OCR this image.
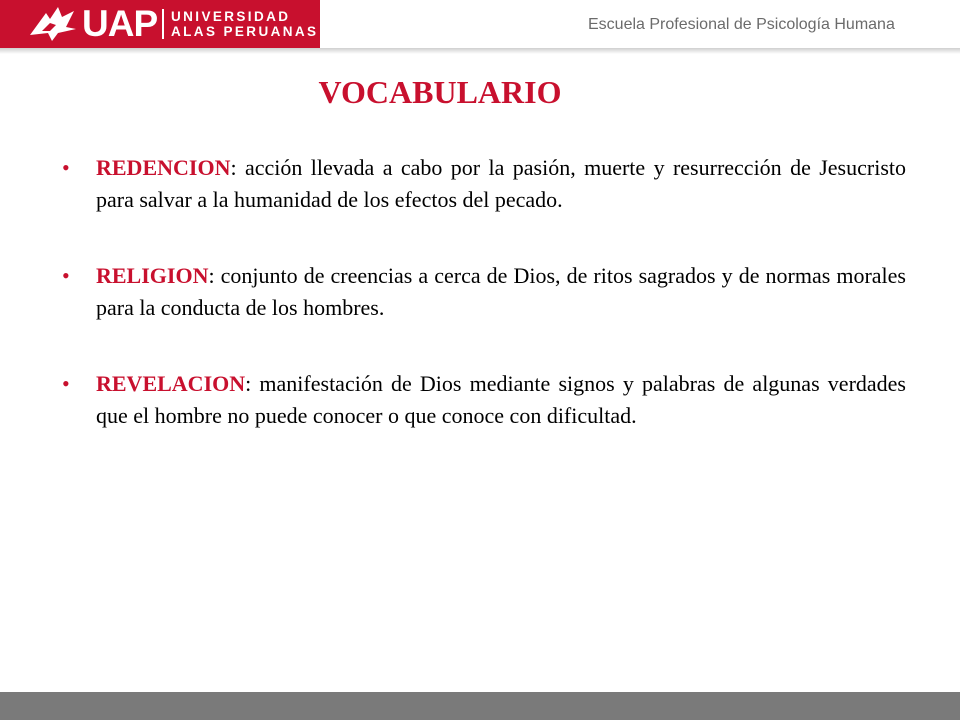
UAP UNIVERSIDAD
ALAS PERUANAS	Escuela Profesional de Psicología Humana
VOCABULARIO
• REDENCION: acción llevada a cabo por la pasión, muerte y resurrección de Jesucristo para salvar a la humanidad de los efectos del pecado.
• RELIGION: conjunto de creencias a cerca de Dios, de ritos sagrados y de normas morales para la conducta de los hombres.
• REVELACION: manifestación de Dios mediante signos y palabras de algunas verdades que el hombre no puede conocer o que conoce con dificultad.
